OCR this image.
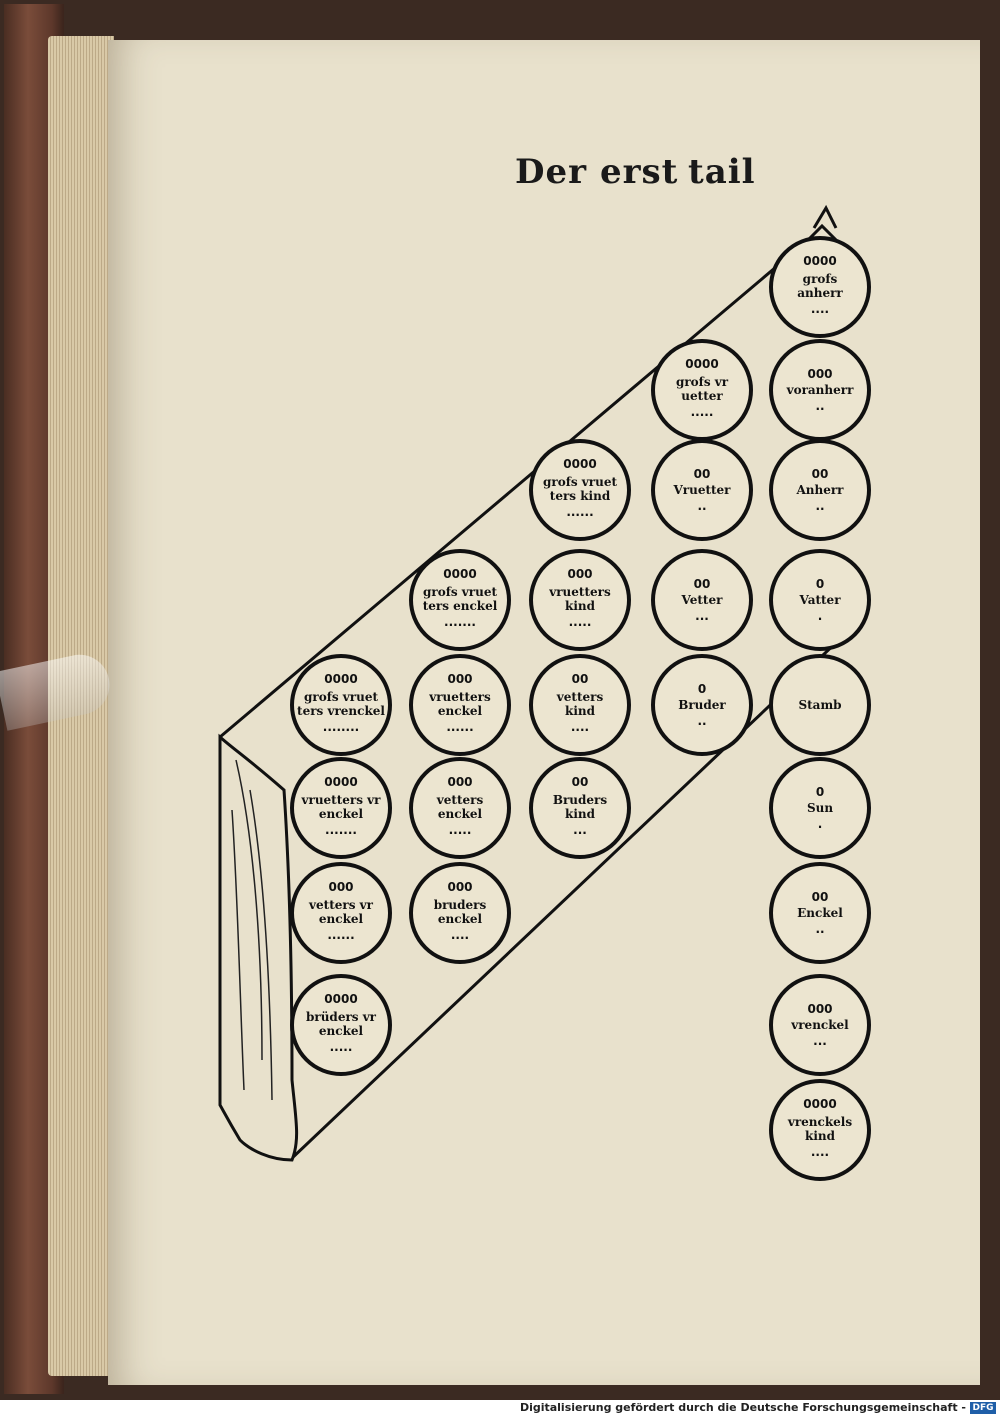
Der erst tail
0000
grofs
anherr
....
0000
grofs vr
uetter
.....
000
voranherr
..
0000
grofs vruet
ters kind
......
00
Vruetter
..
00
Anherr
..
0000
grofs vruet
ters enckel
.......
000
vruetters
kind
.....
00
Vetter
...
0
Vatter
.
0000
grofs vruet
ters vrenckel
........
000
vruetters
enckel
......
00
vetters
kind
....
0
Bruder
..
Stamb
0000
vruetters vr
enckel
.......
000
vetters
enckel
.....
00
Bruders
kind
...
0
Sun
.
000
vetters vr
enckel
......
000
bruders
enckel
....
00
Enckel
..
0000
brüders vr
enckel
.....
000
vrenckel
...
0000
vrenckels
kind
....
Digitalisierung gefördert durch die Deutsche Forschungsgemeinschaft - DFG
